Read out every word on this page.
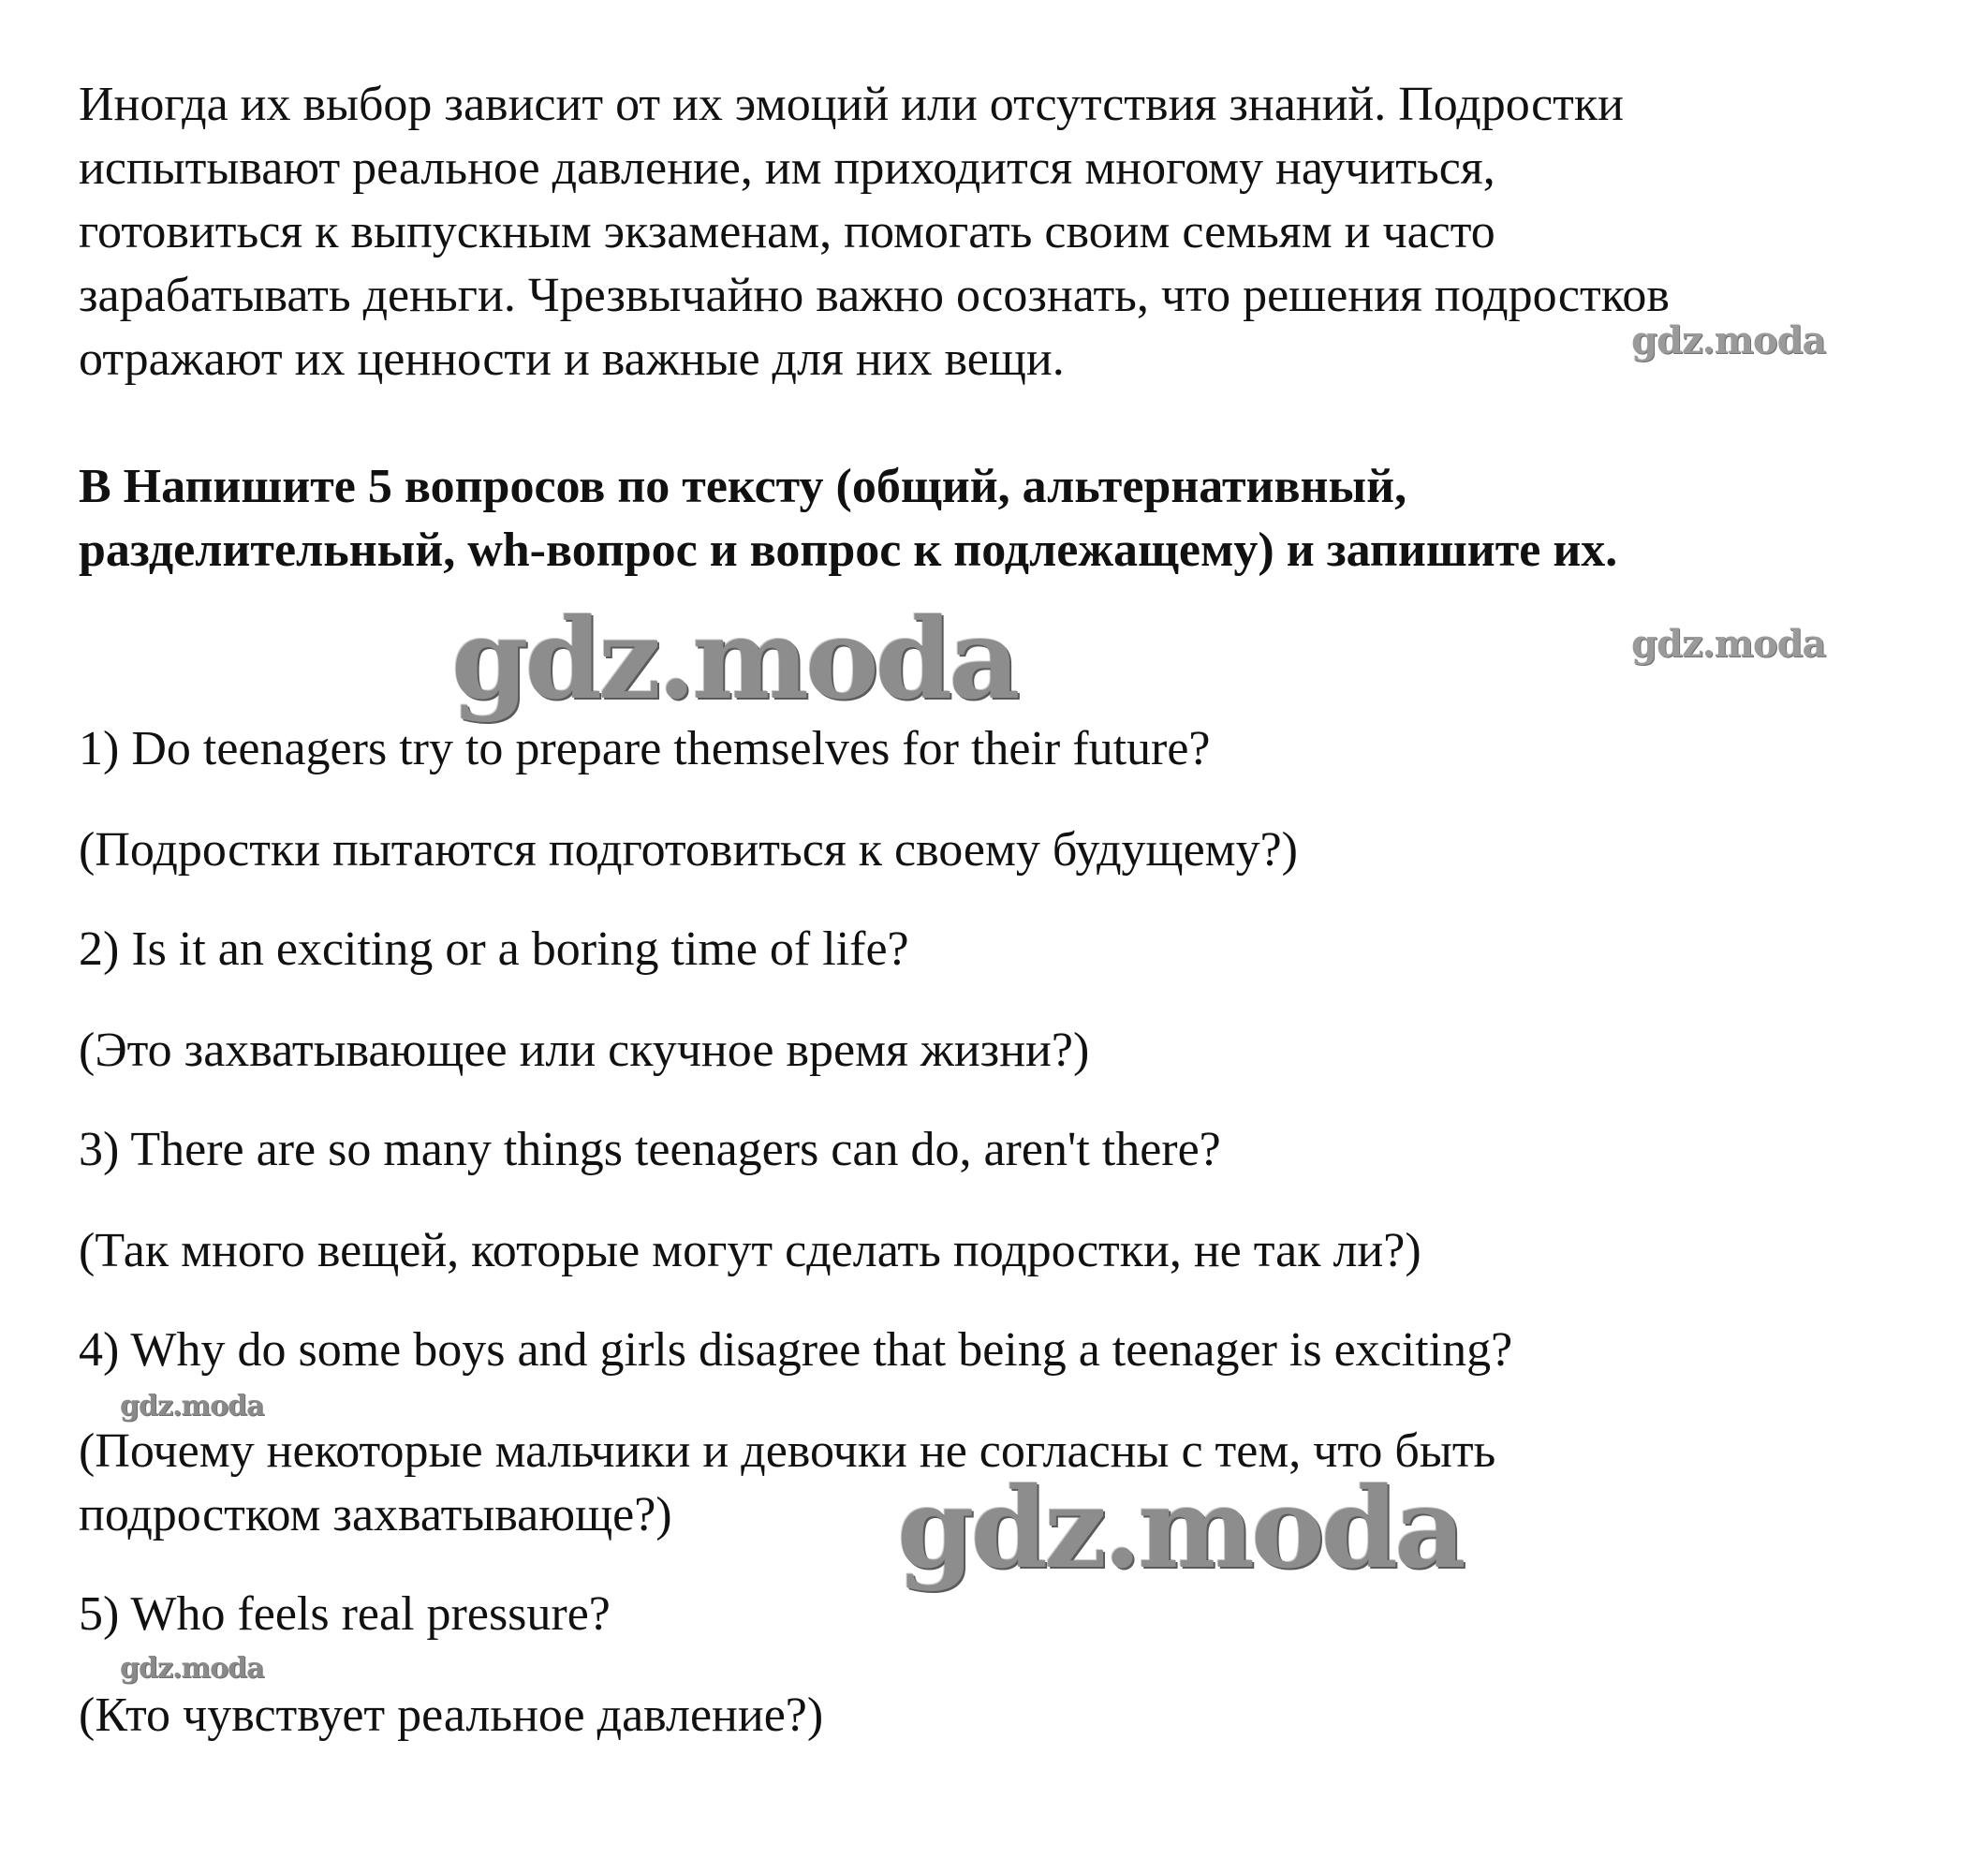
Иногда их выбор зависит от их эмоций или отсутствия знаний. Подростки
испытывают реальное давление, им приходится многому научиться,
готовиться к выпускным экзаменам, помогать своим семьям и часто
зарабатывать деньги. Чрезвычайно важно осознать, что решения подростков
отражают их ценности и важные для них вещи.

B Напишите 5 вопросов по тексту (общий, альтернативный,
разделительный, wh-вопрос и вопрос к подлежащему) и запишите их.

1) Do teenagers try to prepare themselves for their future?

(Подростки пытаются подготовиться к своему будущему?)

2) Is it an exciting or a boring time of life?

(Это захватывающее или скучное время жизни?)

3) There are so many things teenagers can do, aren't there?

(Так много вещей, которые могут сделать подростки, не так ли?)

4) Why do some boys and girls disagree that being a teenager is exciting?

(Почему некоторые мальчики и девочки не согласны с тем, что быть

подростком захватывающе?)

5) Who feels real pressure?

(Кто чувствует реальное давление?)

gdz.moda
gdz.moda	gdz.moda
gdz.moda
gdz.moda
gdz.moda
